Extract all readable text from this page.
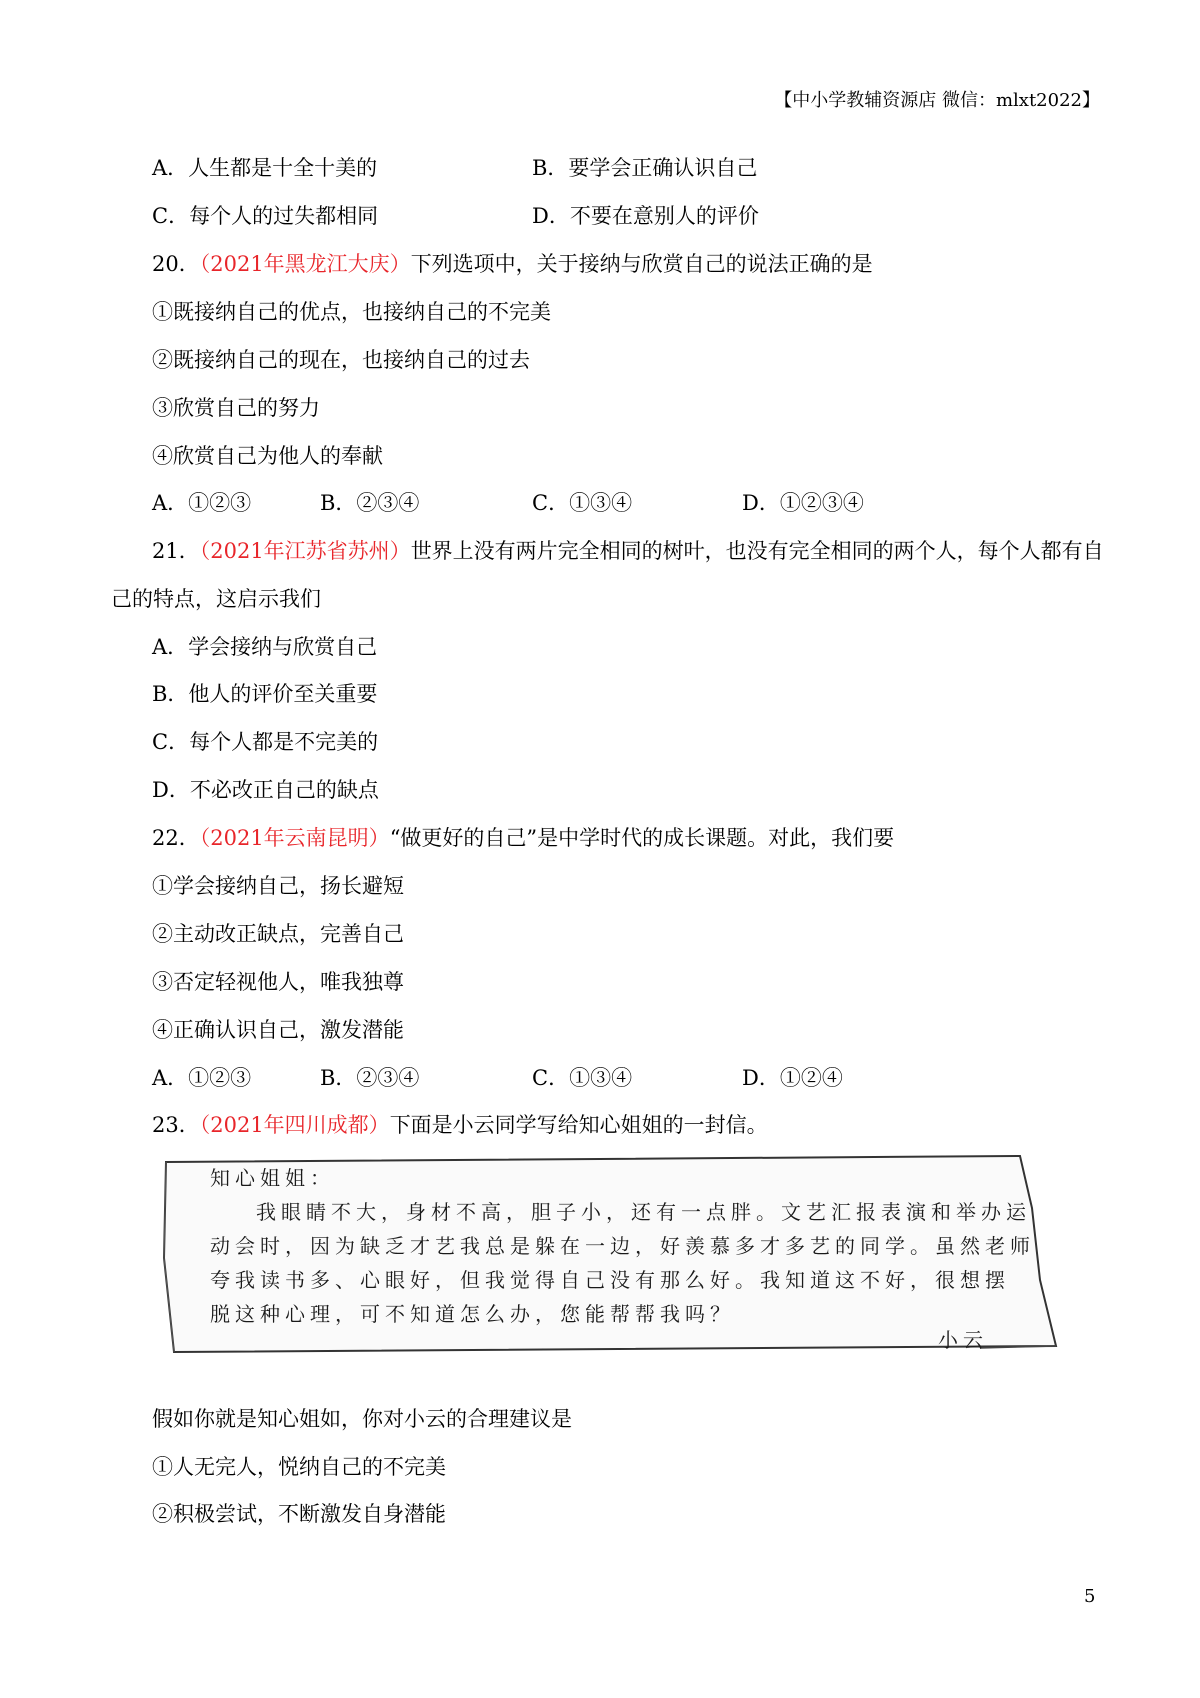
【中小学教辅资源店 微信：mlxt2022】
A．人生都是十全十美的	B．要学会正确认识自己
C．每个人的过失都相同	D．不要在意别人的评价
20．（2021年黑龙江大庆）下列选项中，关于接纳与欣赏自己的说法正确的是
①既接纳自己的优点，也接纳自己的不完美
②既接纳自己的现在，也接纳自己的过去
③欣赏自己的努力
④欣赏自己为他人的奉献
A．①②③	B．②③④	C．①③④	D．①②③④
21．（2021年江苏省苏州）世界上没有两片完全相同的树叶，也没有完全相同的两个人，每个人都有自
己的特点，这启示我们
A．学会接纳与欣赏自己
B．他人的评价至关重要
C．每个人都是不完美的
D．不必改正自己的缺点
22．（2021年云南昆明）“做更好的自己”是中学时代的成长课题。对此，我们要
①学会接纳自己，扬长避短
②主动改正缺点，完善自己
③否定轻视他人，唯我独尊
④正确认识自己，激发潜能
A．①②③	B．②③④	C．①③④	D．①②④
23．（2021年四川成都）下面是小云同学写给知心姐姐的一封信。
知心姐姐：
我眼睛不大，身材不高，胆子小，还有一点胖。文艺汇报表演和举办运
动会时，因为缺乏才艺我总是躲在一边，好羡慕多才多艺的同学。虽然老师
夸我读书多、心眼好，但我觉得自己没有那么好。我知道这不好，很想摆
脱这种心理，可不知道怎么办，您能帮帮我吗？
小云
假如你就是知心姐如，你对小云的合理建议是
①人无完人，悦纳自己的不完美
②积极尝试，不断激发自身潜能
5
